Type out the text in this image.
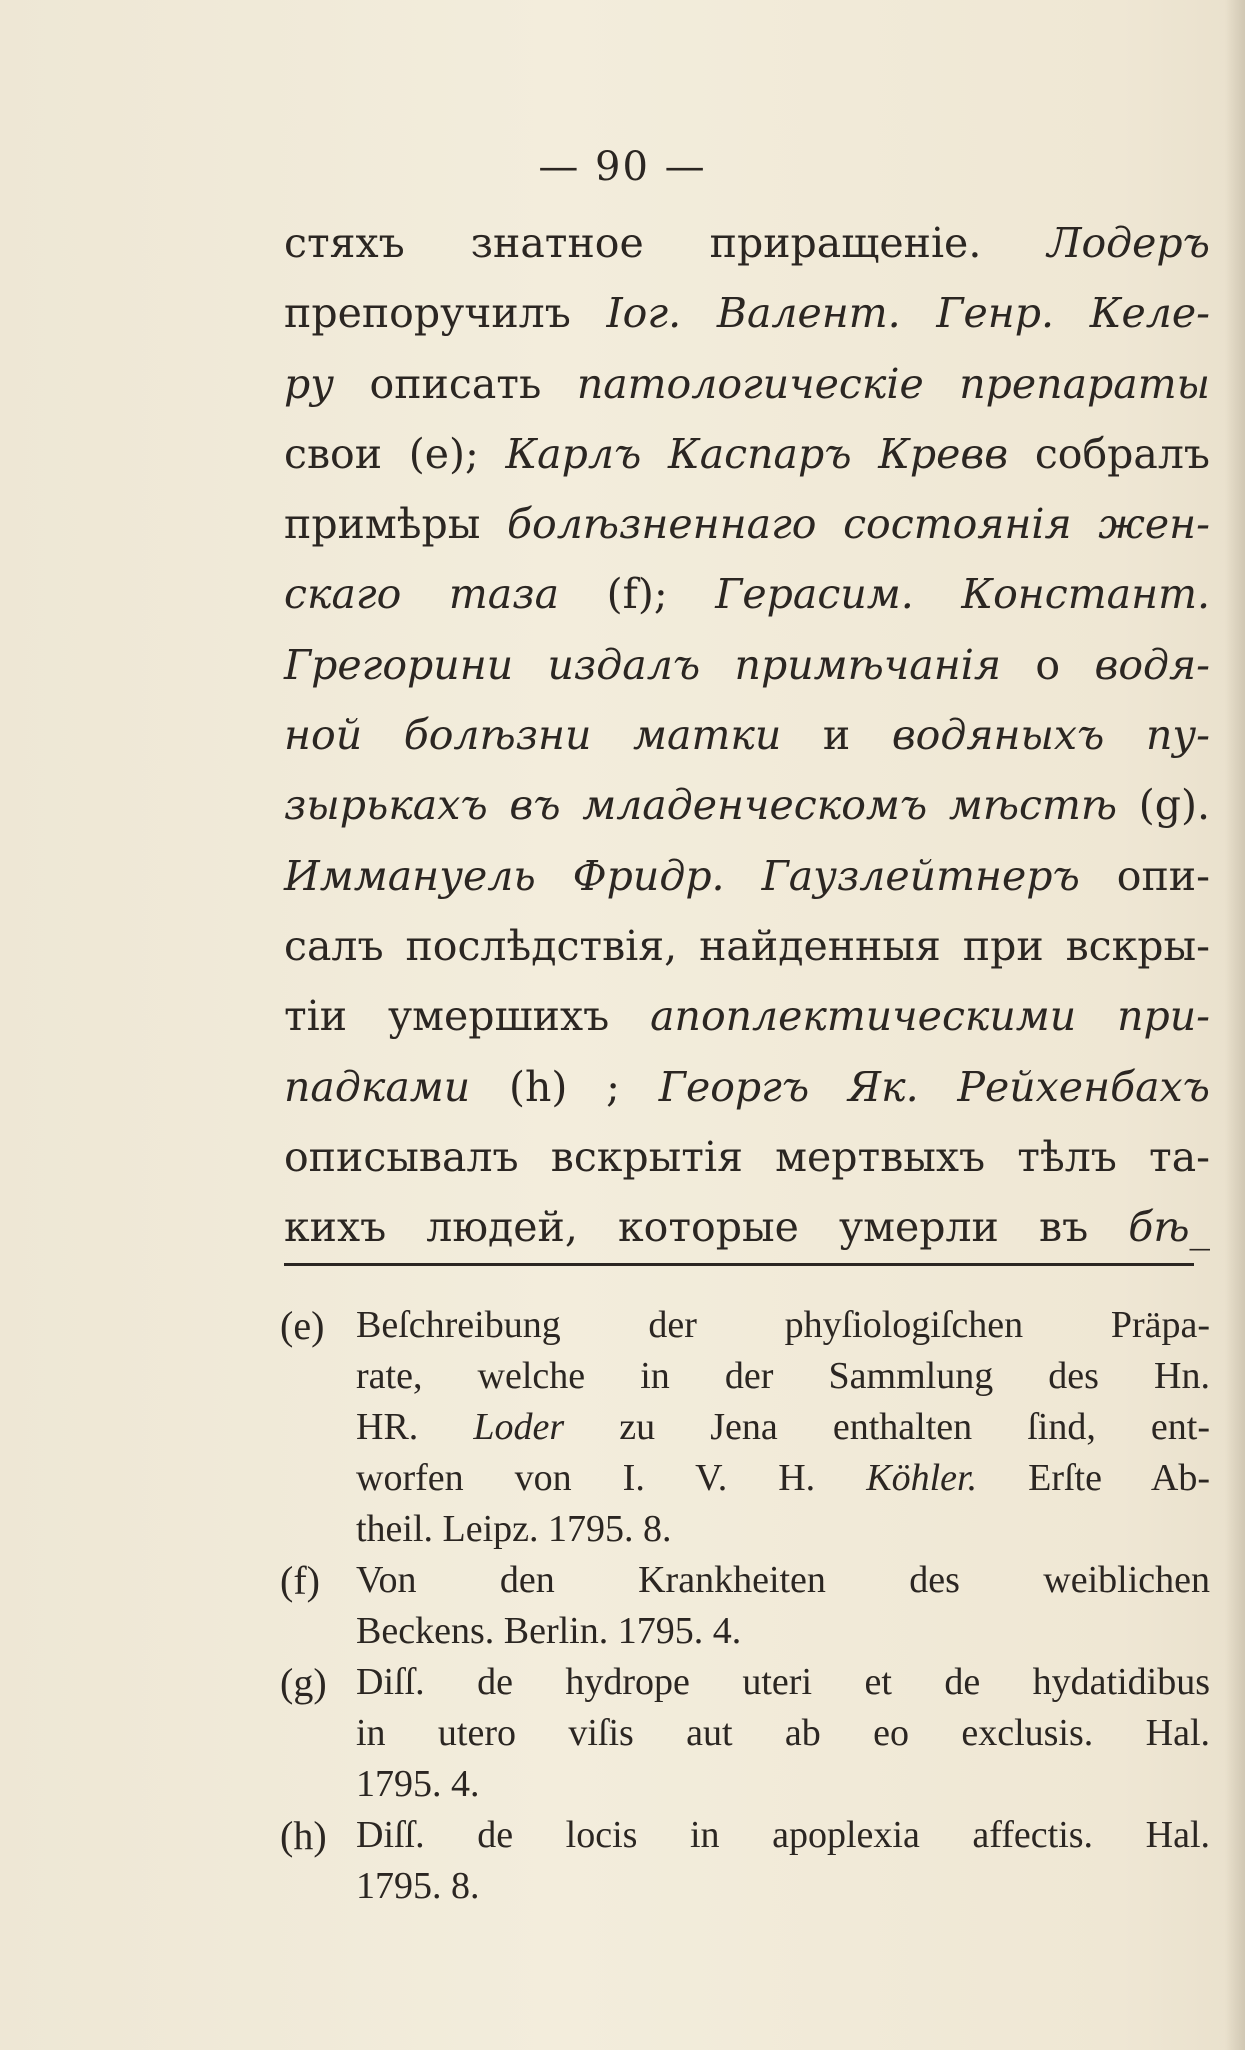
— 90 —
стяхъ знатное приращеніе. Лодеръ
препоручилъ Іог. Валент. Генр. Келе-
ру описать патологическіе препараты
свои (е); Карлъ Каспаръ Кревв собралъ
примѣры болѣзненнаго состоянія жен-
скаго тaза (f); Герасим. Констант.
Грегорини издалъ примѣчанія о водя-
ной болѣзни матки и водяныхъ пу-
зырькахъ въ младенческомъ мѣстѣ (g).
Иммануель Фридр. Гаузлейтнеръ опи-
салъ послѣдствія, найденныя при вскры-
тіи умершихъ апоплектическими при-
падками (h) ; Георгъ Як. Рейхенбахъ
описывалъ вскрытія мертвыхъ тѣлъ та-
кихъ людей, которые умерли въ бѣ_
(e) Beſchreibung der phyſiologiſchen Präpa-
rate, welche in der Sammlung des Hn.
HR. Loder zu Jena enthalten ſind, ent-
worfen von I. V. H. Köhler. Erſte Ab-
theil. Leipz. 1795. 8.
(f) Von den Krankheiten des weiblichen
Beckens. Berlin. 1795. 4.
(g) Diſſ. de hydrope uteri et de hydatidibus
in utero viſis aut ab eo exclusis. Hal.
1795. 4.
(h) Diſſ. de locis in apoplexia affectis. Hal.
1795. 8.
